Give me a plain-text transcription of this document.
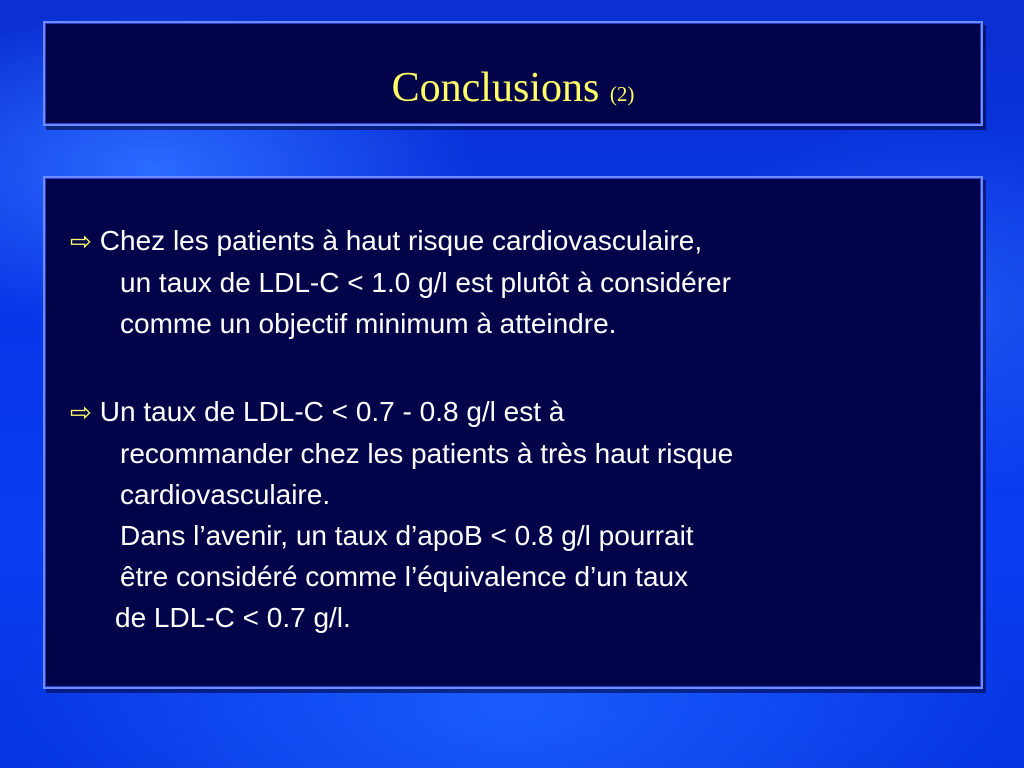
Conclusions (2)
⇨ Chez les patients à haut risque cardiovasculaire,
un taux de LDL-C < 1.0 g/l est plutôt à considérer
comme un objectif minimum à atteindre.
⇨ Un taux de LDL-C < 0.7 - 0.8 g/l est à
recommander chez les patients à très haut risque
cardiovasculaire.
Dans l’avenir, un taux d’apoB < 0.8 g/l pourrait
être considéré comme l’équivalence d’un taux
de LDL-C < 0.7 g/l.
